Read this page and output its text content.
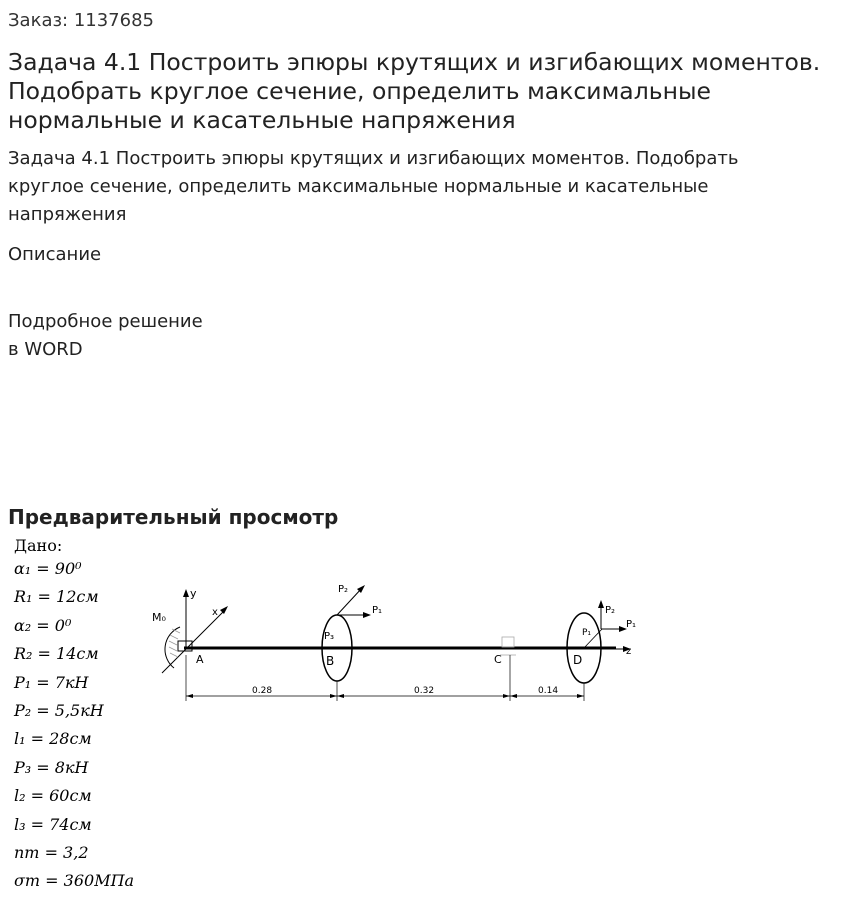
Заказ: 1137685
Задача 4.1 Построить эпюры крутящих и изгибающих моментов. Подобрать круглое сечение, определить максимальные нормальные и касательные напряжения
Задача 4.1 Построить эпюры крутящих и изгибающих моментов. Подобрать круглое сечение, определить максимальные нормальные и касательные напряжения
Описание
Подробное решение
в WORD
Предварительный просмотр
Дано:
α₁ = 90⁰
R₁ = 12см
α₂ = 0⁰
R₂ = 14см
P₁ = 7кН
P₂ = 5,5кН
l₁ = 28см
P₃ = 8кН
l₂ = 60см
l₃ = 74см
nт = 3,2
σт = 360МПа
y
x
M₀
A
z
B
P₃
P₂
P₁
C	D
P₂
P₁
P₁
0.28	0.32	0.14
